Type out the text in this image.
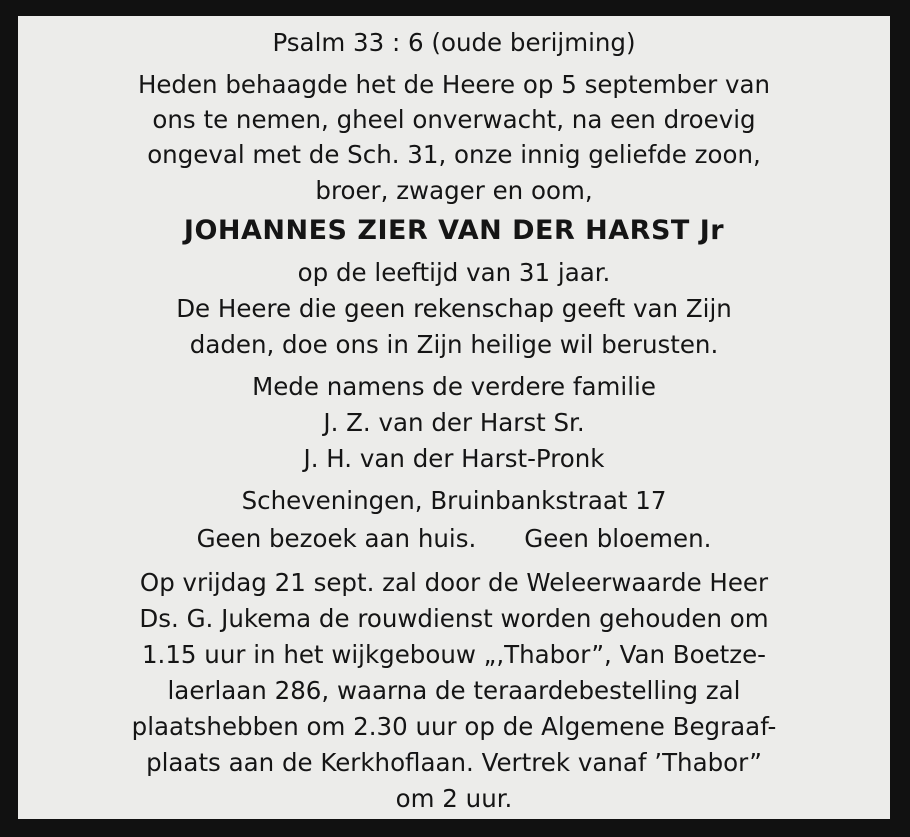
Psalm 33 : 6 (oude berijming)
Heden behaagde het de Heere op 5 september van
ons te nemen, gheel onverwacht, na een droevig
ongeval met de Sch. 31, onze innig geliefde zoon,
broer, zwager en oom,
JOHANNES ZIER VAN DER HARST Jr
op de leeftijd van 31 jaar.
De Heere die geen rekenschap geeft van Zijn
daden, doe ons in Zijn heilige wil berusten.
Mede namens de verdere familie
J. Z. van der Harst Sr.
J. H. van der Harst-Pronk
Scheveningen, Bruinbankstraat 17
Geen bezoek aan huis. Geen bloemen.
Op vrijdag 21 sept. zal door de Weleerwaarde Heer
Ds. G. Jukema de rouwdienst worden gehouden om
1.15 uur in het wijkgebouw „,Thabor”, Van Boetze-
laerlaan 286, waarna de teraardebestelling zal
plaatshebben om 2.30 uur op de Algemene Begraaf-
plaats aan de Kerkhoflaan. Vertrek vanaf ’Thabor”
om 2 uur.
